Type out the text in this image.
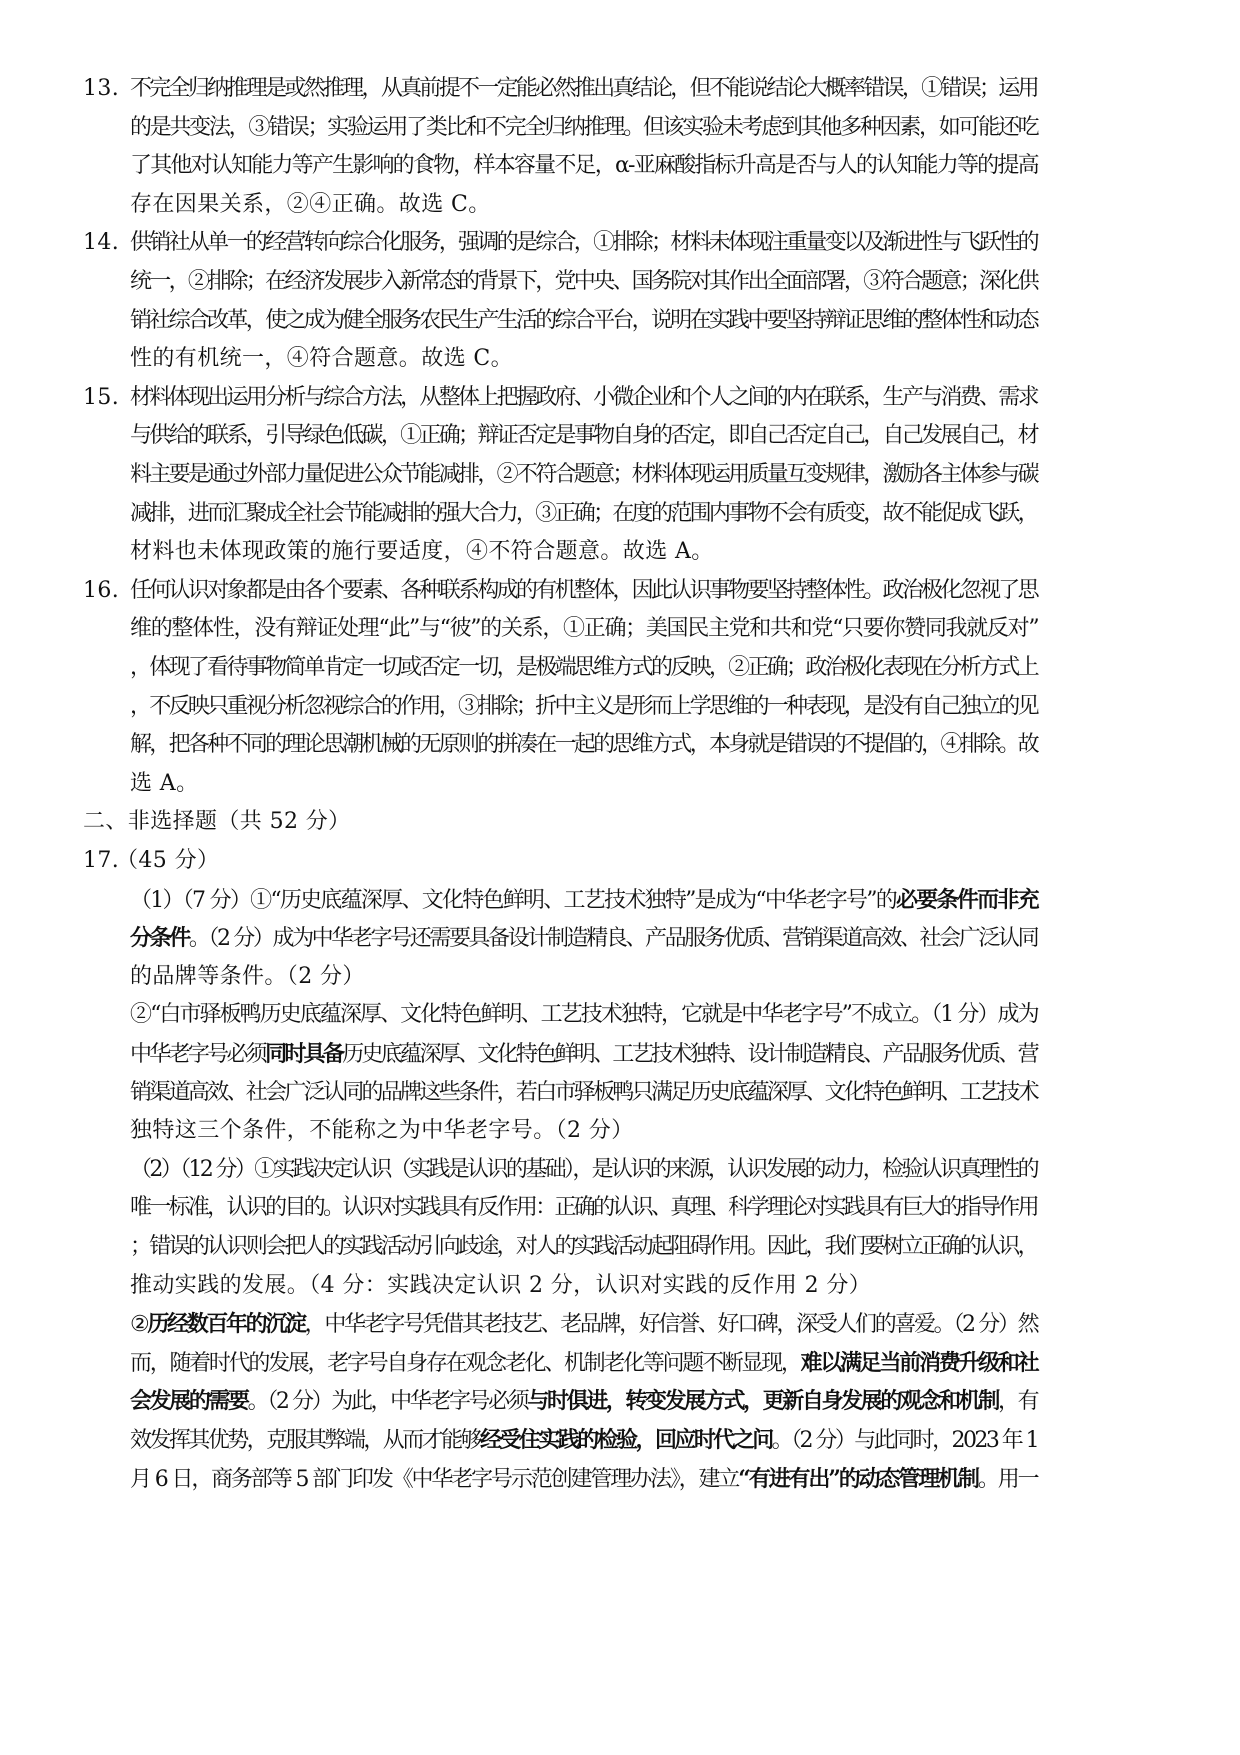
13. 不完全归纳推理是或然推理，从真前提不一定能必然推出真结论，但不能说结论大概率错误，①错误；运用
的是共变法，③错误；实验运用了类比和不完全归纳推理。但该实验未考虑到其他多种因素，如可能还吃
了其他对认知能力等产生影响的食物，样本容量不足，α-亚麻酸指标升高是否与人的认知能力等的提高
存在因果关系，②④正确。故选 C。
14. 供销社从单一的经营转向综合化服务，强调的是综合，①排除；材料未体现注重量变以及渐进性与飞跃性的
统一，②排除；在经济发展步入新常态的背景下，党中央、国务院对其作出全面部署，③符合题意；深化供
销社综合改革，使之成为健全服务农民生产生活的综合平台，说明在实践中要坚持辩证思维的整体性和动态
性的有机统一，④符合题意。故选 C。
15. 材料体现出运用分析与综合方法，从整体上把握政府、小微企业和个人之间的内在联系，生产与消费、需求
与供给的联系，引导绿色低碳，①正确；辩证否定是事物自身的否定，即自己否定自己，自己发展自己，材
料主要是通过外部力量促进公众节能减排，②不符合题意；材料体现运用质量互变规律，激励各主体参与碳
减排，进而汇聚成全社会节能减排的强大合力，③正确；在度的范围内事物不会有质变，故不能促成飞跃，
材料也未体现政策的施行要适度，④不符合题意。故选 A。
16. 任何认识对象都是由各个要素、各种联系构成的有机整体，因此认识事物要坚持整体性。政治极化忽视了思
维的整体性，没有辩证处理“此”与“彼”的关系，①正确；美国民主党和共和党“只要你赞同我就反对”
，体现了看待事物简单肯定一切或否定一切，是极端思维方式的反映，②正确；政治极化表现在分析方式上
，不反映只重视分析忽视综合的作用，③排除；折中主义是形而上学思维的一种表现，是没有自己独立的见
解，把各种不同的理论思潮机械的无原则的拼凑在一起的思维方式，本身就是错误的不提倡的，④排除。故
选 A。
二、非选择题（共 52 分）
17.
（45 分）
（1）（7 分）①“历史底蕴深厚、文化特色鲜明、工艺技术独特”是成为“中华老字号”的必要条件而非充
分条件。（2 分）成为中华老字号还需要具备设计制造精良、产品服务优质、营销渠道高效、社会广泛认同
的品牌等条件。（2 分）
②“白市驿板鸭历史底蕴深厚、文化特色鲜明、工艺技术独特，它就是中华老字号”不成立。（1 分）成为
中华老字号必须同时具备历史底蕴深厚、文化特色鲜明、工艺技术独特、设计制造精良、产品服务优质、营
销渠道高效、社会广泛认同的品牌这些条件，若白市驿板鸭只满足历史底蕴深厚、文化特色鲜明、工艺技术
独特这三个条件，不能称之为中华老字号。（2 分）
（2）（12 分）①实践决定认识（实践是认识的基础），是认识的来源，认识发展的动力，检验认识真理性的
唯一标准，认识的目的。认识对实践具有反作用：正确的认识、真理、科学理论对实践具有巨大的指导作用
；错误的认识则会把人的实践活动引向歧途，对人的实践活动起阻碍作用。因此，我们要树立正确的认识，
推动实践的发展。（4 分：实践决定认识 2 分，认识对实践的反作用 2 分）
②历经数百年的沉淀，中华老字号凭借其老技艺、老品牌，好信誉、好口碑，深受人们的喜爱。（2 分）然
而，随着时代的发展，老字号自身存在观念老化、机制老化等问题不断显现，难以满足当前消费升级和社
会发展的需要。（2 分）为此，中华老字号必须与时俱进，转变发展方式，更新自身发展的观念和机制，有
效发挥其优势，克服其弊端，从而才能够经受住实践的检验，回应时代之问。（2 分）与此同时，2023 年 1
月 6 日，商务部等 5 部门印发《中华老字号示范创建管理办法》，建立“有进有出”的动态管理机制。用一
